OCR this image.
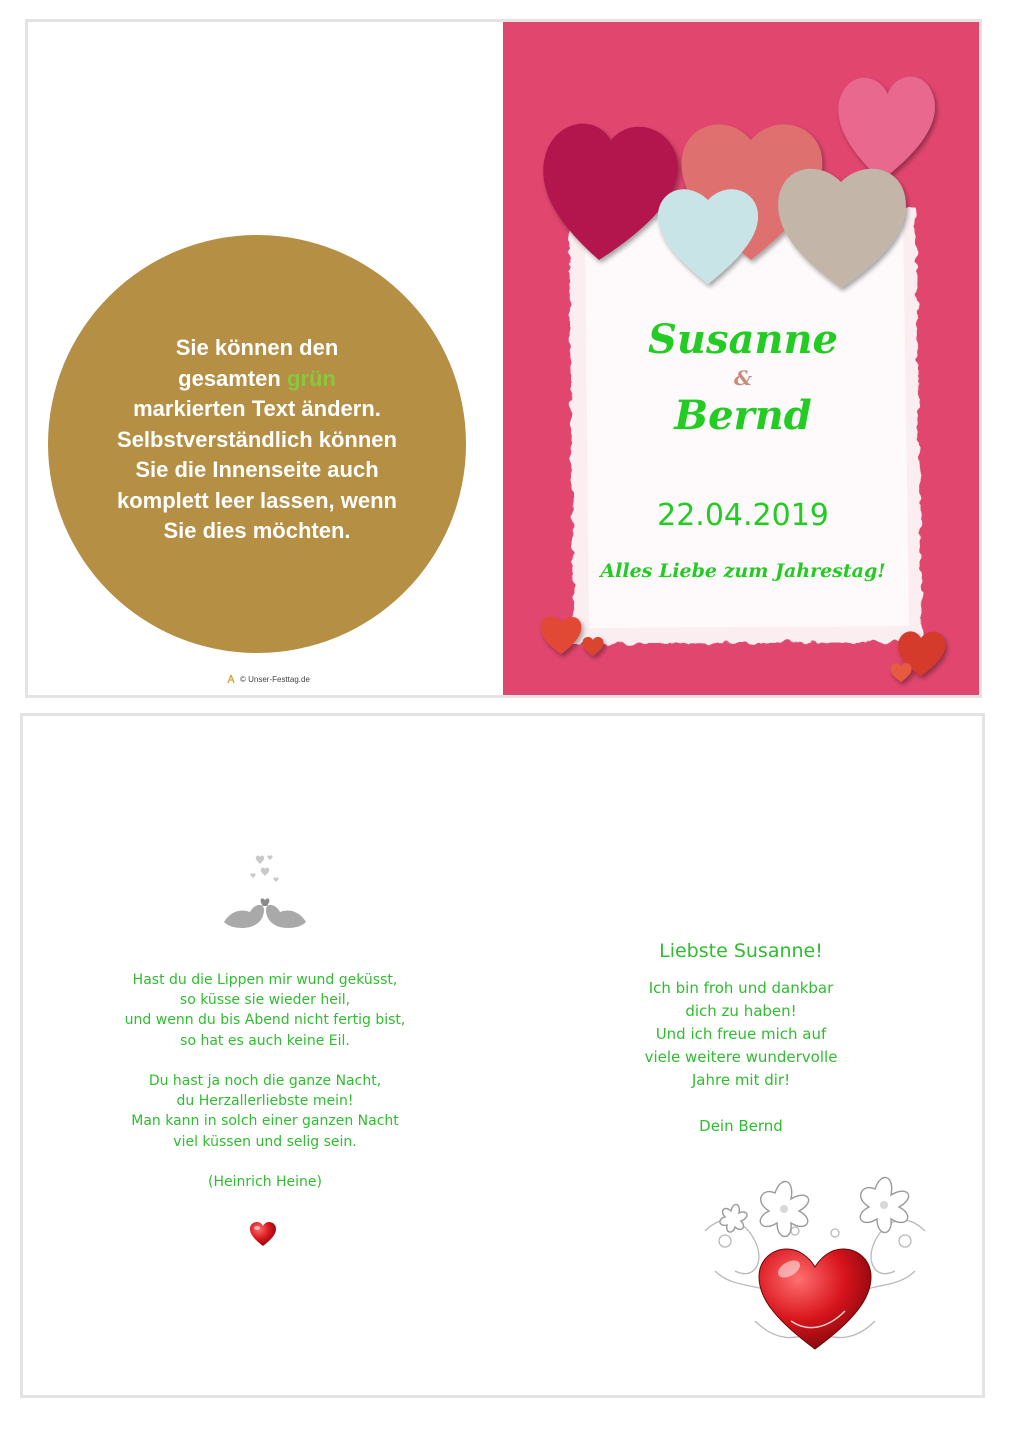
Sie können den
gesamten grün
markierten Text ändern.
Selbstverständlich können
Sie die Innenseite auch
komplett leer lassen, wenn
Sie dies möchten.
© Unser-Festtag.de
Susanne
&
Bernd
22.04.2019
Alles Liebe zum Jahrestag!

Hast du die Lippen mir wund geküsst,
so küsse sie wieder heil,
und wenn du bis Abend nicht fertig bist,
so hat es auch keine Eil.

Du hast ja noch die ganze Nacht,
du Herzallerliebste mein!
Man kann in solch einer ganzen Nacht
viel küssen und selig sein.

(Heinrich Heine)

Liebste Susanne!

Ich bin froh und dankbar
dich zu haben!
Und ich freue mich auf
viele weitere wundervolle
Jahre mit dir!

Dein Bernd
